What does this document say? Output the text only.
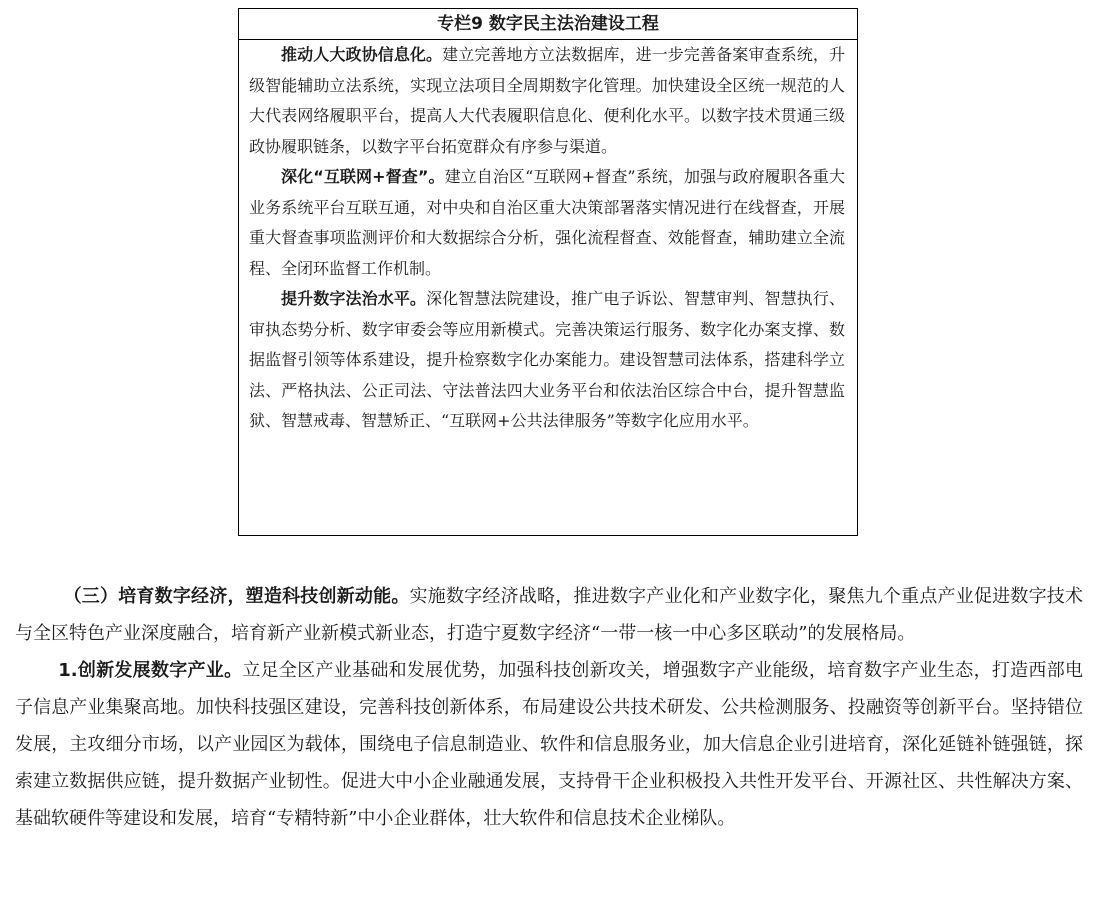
专栏9 数字民主法治建设工程

推动人大政协信息化。建立完善地方立法数据库，进一步完善备案审查系统，升级智能辅助立法系统，实现立法项目全周期数字化管理。加快建设全区统一规范的人大代表网络履职平台，提高人大代表履职信息化、便利化水平。以数字技术贯通三级政协履职链条，以数字平台拓宽群众有序参与渠道。

深化“互联网+督查”。建立自治区“互联网+督查”系统，加强与政府履职各重大业务系统平台互联互通，对中央和自治区重大决策部署落实情况进行在线督查，开展重大督查事项监测评价和大数据综合分析，强化流程督查、效能督查，辅助建立全流程、全闭环监督工作机制。

提升数字法治水平。深化智慧法院建设，推广电子诉讼、智慧审判、智慧执行、审执态势分析、数字审委会等应用新模式。完善决策运行服务、数字化办案支撑、数据监督引领等体系建设，提升检察数字化办案能力。建设智慧司法体系，搭建科学立法、严格执法、公正司法、守法普法四大业务平台和依法治区综合中台，提升智慧监狱、智慧戒毒、智慧矫正、“互联网+公共法律服务”等数字化应用水平。

（三）培育数字经济，塑造科技创新动能。实施数字经济战略，推进数字产业化和产业数字化，聚焦九个重点产业促进数字技术与全区特色产业深度融合，培育新产业新模式新业态，打造宁夏数字经济“一带一核一中心多区联动”的发展格局。

1.创新发展数字产业。立足全区产业基础和发展优势，加强科技创新攻关，增强数字产业能级，培育数字产业生态，打造西部电子信息产业集聚高地。加快科技强区建设，完善科技创新体系，布局建设公共技术研发、公共检测服务、投融资等创新平台。坚持错位发展，主攻细分市场，以产业园区为载体，围绕电子信息制造业、软件和信息服务业，加大信息企业引进培育，深化延链补链强链，探索建立数据供应链，提升数据产业韧性。促进大中小企业融通发展，支持骨干企业积极投入共性开发平台、开源社区、共性解决方案、基础软硬件等建设和发展，培育“专精特新”中小企业群体，壮大软件和信息技术企业梯队。
